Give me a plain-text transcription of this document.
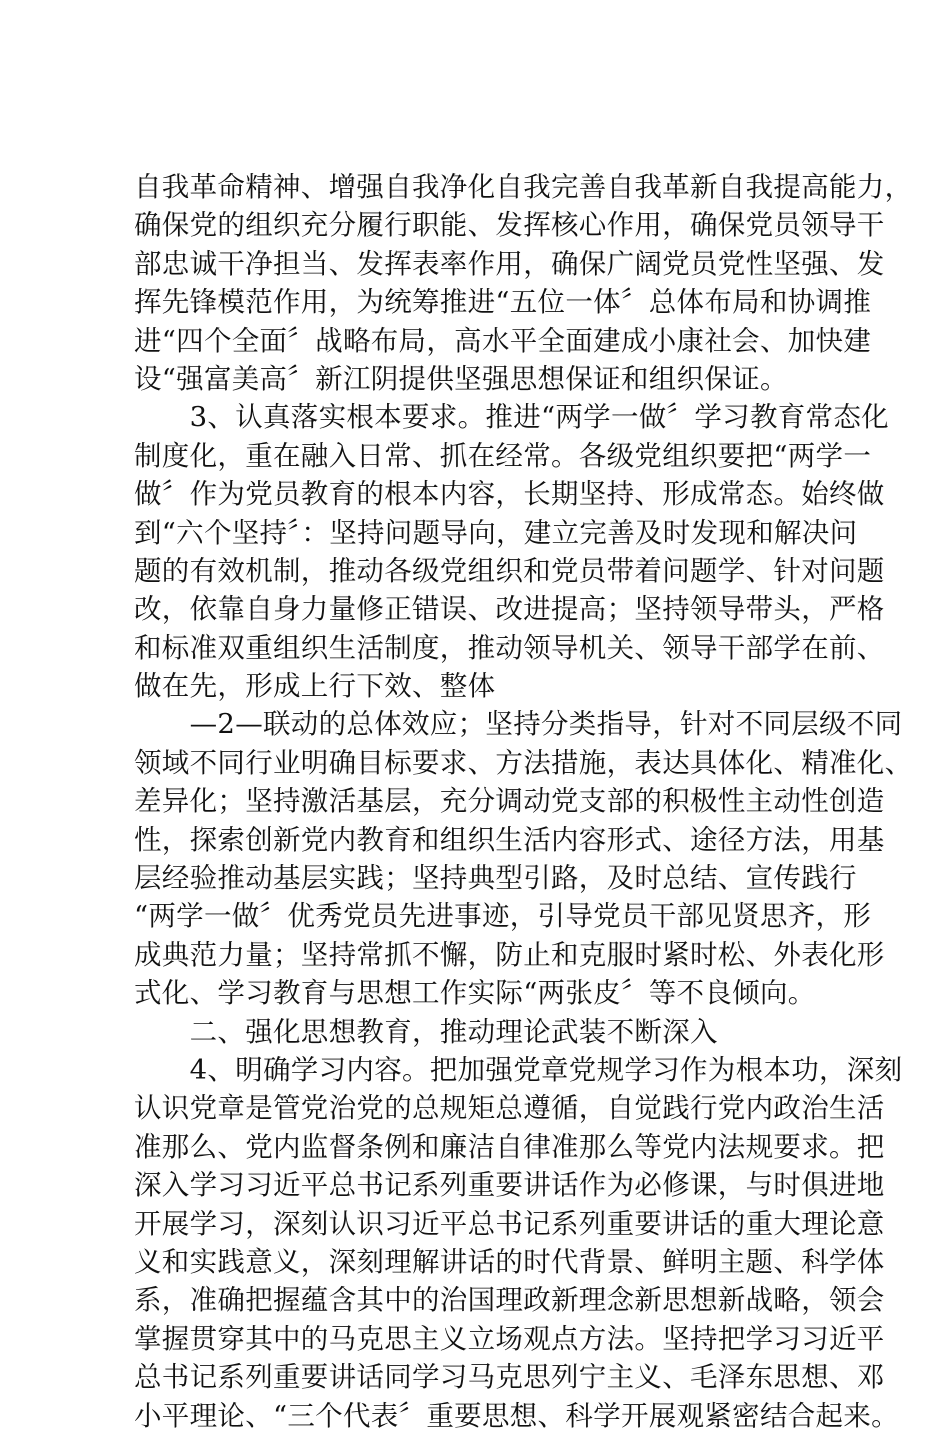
自我革命精神、增强自我净化自我完善自我革新自我提高能力，
确保党的组织充分履行职能、发挥核心作用，确保党员领导干
部忠诚干净担当、发挥表率作用，确保广阔党员党性坚强、发
挥先锋模范作用，为统筹推进“五位一体〞总体布局和协调推
进“四个全面〞战略布局，高水平全面建成小康社会、加快建
设“强富美高〞新江阴提供坚强思想保证和组织保证。
　　3、认真落实根本要求。推进“两学一做〞学习教育常态化
制度化，重在融入日常、抓在经常。各级党组织要把“两学一
做〞作为党员教育的根本内容，长期坚持、形成常态。始终做
到“六个坚持〞：坚持问题导向，建立完善及时发现和解决问
题的有效机制，推动各级党组织和党员带着问题学、针对问题
改，依靠自身力量修正错误、改进提高；坚持领导带头，严格
和标准双重组织生活制度，推动领导机关、领导干部学在前、
做在先，形成上行下效、整体
　　—2—联动的总体效应；坚持分类指导，针对不同层级不同
领域不同行业明确目标要求、方法措施，表达具体化、精准化、
差异化；坚持激活基层，充分调动党支部的积极性主动性创造
性，探索创新党内教育和组织生活内容形式、途径方法，用基
层经验推动基层实践；坚持典型引路，及时总结、宣传践行
“两学一做〞优秀党员先进事迹，引导党员干部见贤思齐，形
成典范力量；坚持常抓不懈，防止和克服时紧时松、外表化形
式化、学习教育与思想工作实际“两张皮〞等不良倾向。
　　二、强化思想教育，推动理论武装不断深入
　　4、明确学习内容。把加强党章党规学习作为根本功，深刻
认识党章是管党治党的总规矩总遵循，自觉践行党内政治生活
准那么、党内监督条例和廉洁自律准那么等党内法规要求。把
深入学习习近平总书记系列重要讲话作为必修课，与时俱进地
开展学习，深刻认识习近平总书记系列重要讲话的重大理论意
义和实践意义，深刻理解讲话的时代背景、鲜明主题、科学体
系，准确把握蕴含其中的治国理政新理念新思想新战略，领会
掌握贯穿其中的马克思主义立场观点方法。坚持把学习习近平
总书记系列重要讲话同学习马克思列宁主义、毛泽东思想、邓
小平理论、“三个代表〞重要思想、科学开展观紧密结合起来。
